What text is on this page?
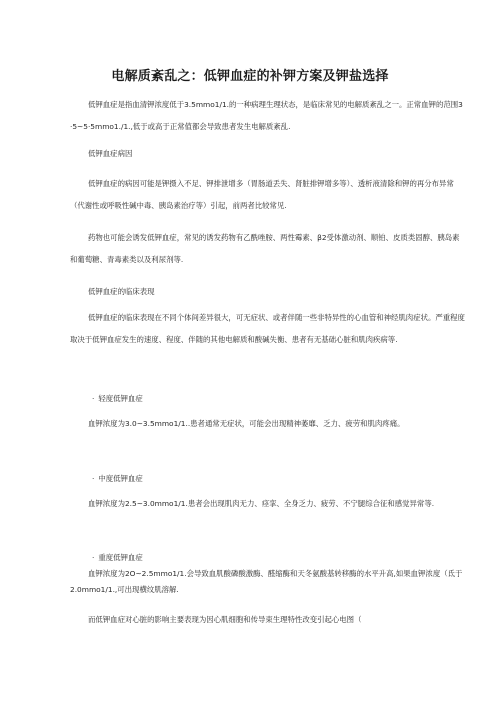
电解质紊乱之：低钾血症的补钾方案及钾盐选择

低钾血症是指血清钾浓度低于3.5mmo1/1.的一种病理生理状态，是临床常见的电解质紊乱之一。正常血钾的范围3·5~5·5mmo1./1.,低于或高于正常值都会导致患者发生电解质紊乱.

低钾血症病因

低钾血症的病因可能是钾摄入不足、钾排泄增多（胃肠道丢失、肾脏排钾增多等）、透析液清除和钾的再分布异常（代谢性或呼吸性碱中毒、胰岛素治疗等）引起，前两者比较常见.

药物也可能会诱发低钾血症，常见的诱发药物有乙酰唑胺、两性霉素、β2受体激动剂、顺铂、皮质类固醇、胰岛素和葡萄糖、青毒素类以及利尿剂等.

低钾血症的临床表现

低钾血症的临床表现在不同个体间差异很大，可无症状、或者伴随一些非特异性的心血管和神经肌肉症状。严重程度取决于低钾血症发生的速度、程度、伴随的其他电解质和酸碱失衡、患者有无基础心脏和肌肉疾病等.

· 轻度低钾血症

血钾浓度为3.0~3.5mmo1/1..患者通常无症状，可能会出现精神萎靡、乏力、疲劳和肌肉疼痛。

· 中度低钾血症

血钾浓度为2.5~3.0mmo1/1.患者会出现肌肉无力、痉挛、全身乏力、疲劳、不宁腿综合征和感觉异常等.

· 重度低钾血症

血钾浓度为2O~2.5mmo1/1.会导致血肌酸磷酸激酶、醛缩酶和天冬氨酸基转移酶的水平升高,如果血钾浓度（氐于2.0mmo1/1.,可出现横纹肌溶解.

而低钾血症对心脏的影响主要表现为因心肌细胞和传导束生理特性改变引起心电图（
